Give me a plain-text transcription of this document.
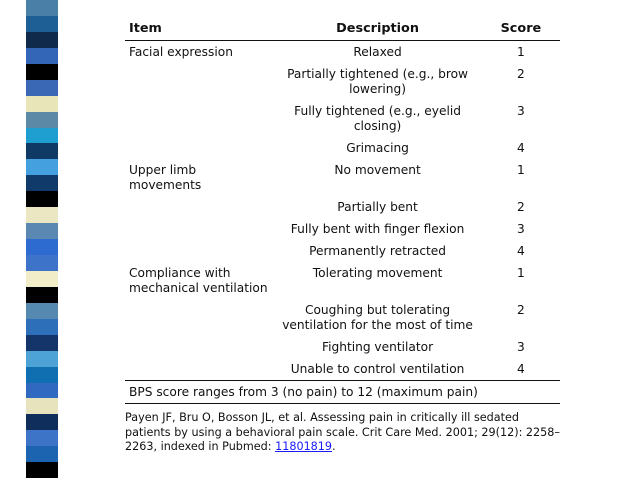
Item	Description	Score
Facial expression	Relaxed	1
	Partially tightened (e.g., brow lowering)	2
	Fully tightened (e.g., eyelid closing)	3
	Grimacing	4
Upper limb movements	No movement	1
	Partially bent	2
	Fully bent with finger flexion	3
	Permanently retracted	4
Compliance with mechanical ventilation	Tolerating movement	1
	Coughing but tolerating ventilation for the most of time	2
	Fighting ventilator	3
	Unable to control ventilation	4
BPS score ranges from 3 (no pain) to 12 (maximum pain)		
Payen JF, Bru O, Bosson JL, et al. Assessing pain in critically ill sedated patients by using a behavioral pain scale. Crit Care Med. 2001; 29(12): 2258–2263, indexed in Pubmed: 11801819.
